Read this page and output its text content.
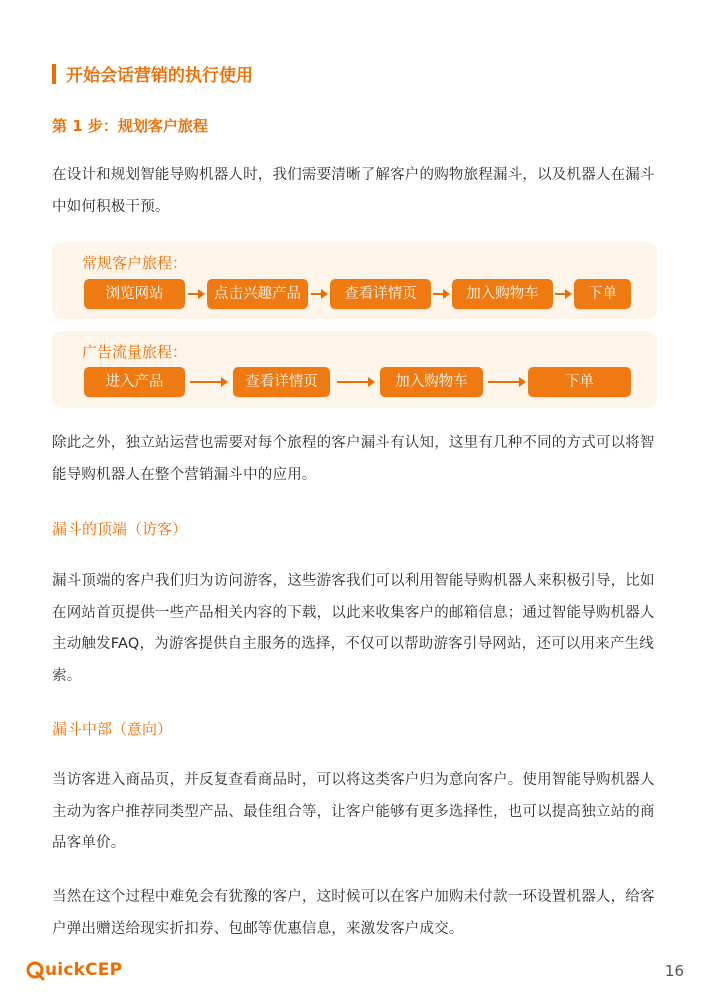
开始会话营销的执行使用
第 1 步：规划客户旅程
在设计和规划智能导购机器人时，我们需要清晰了解客户的购物旅程漏斗，以及机器人在漏斗中如何积极干预。
常规客户旅程：
浏览网站	点击兴趣产品	查看详情页	加入购物车	下单
广告流量旅程：
进入产品	查看详情页	加入购物车	下单
除此之外，独立站运营也需要对每个旅程的客户漏斗有认知，这里有几种不同的方式可以将智能导购机器人在整个营销漏斗中的应用。
漏斗的顶端（访客）
漏斗顶端的客户我们归为访问游客，这些游客我们可以利用智能导购机器人来积极引导，比如在网站首页提供一些产品相关内容的下载，以此来收集客户的邮箱信息；通过智能导购机器人主动触发FAQ，为游客提供自主服务的选择，不仅可以帮助游客引导网站，还可以用来产生线索。
漏斗中部（意向）
当访客进入商品页，并反复查看商品时，可以将这类客户归为意向客户。使用智能导购机器人主动为客户推荐同类型产品、最佳组合等，让客户能够有更多选择性，也可以提高独立站的商品客单价。
当然在这个过程中难免会有犹豫的客户，这时候可以在客户加购未付款一环设置机器人，给客户弹出赠送给现实折扣券、包邮等优惠信息，来激发客户成交。
uick CEP	16
